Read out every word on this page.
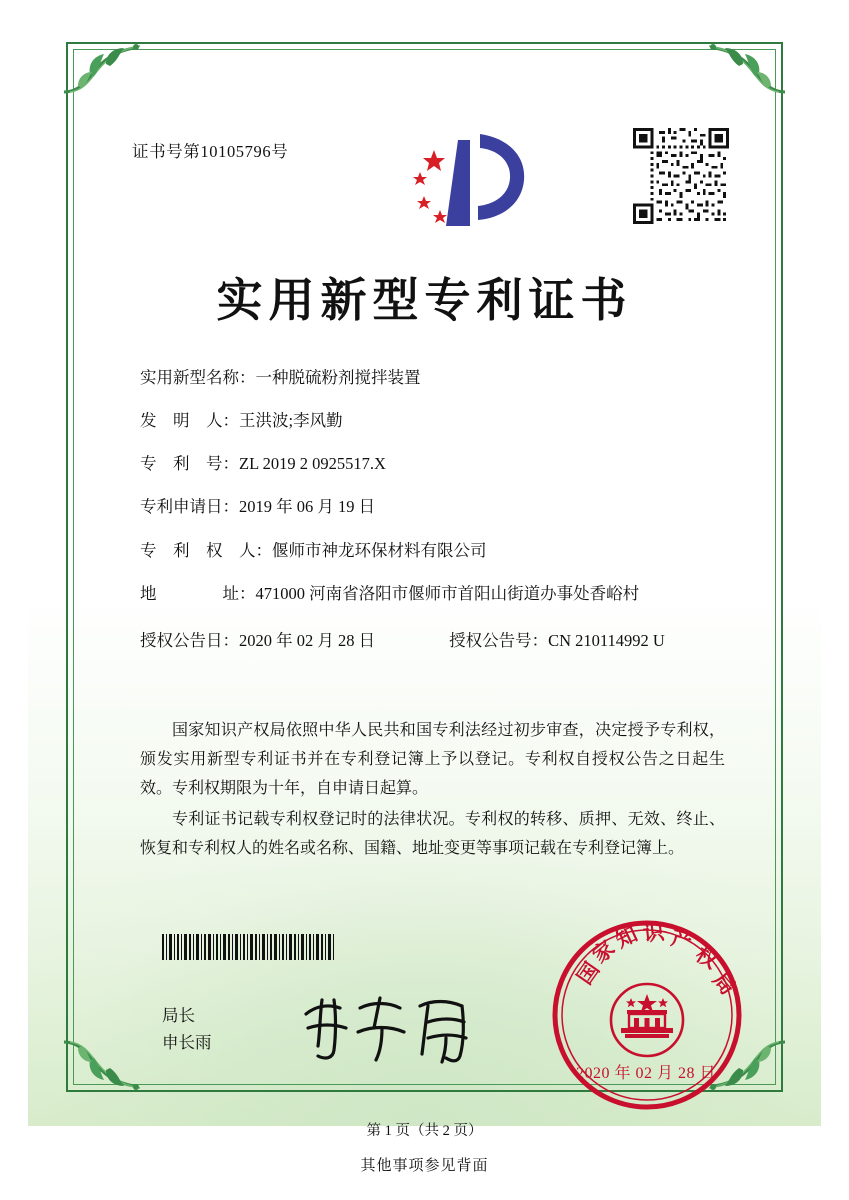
证书号第10105796号
实用新型专利证书
实用新型名称： 一种脱硫粉剂搅拌装置
发　明　人： 王洪波;李风勤
专　利　号： ZL 2019 2 0925517.X
专利申请日： 2019 年 06 月 19 日
专　利　权　人： 偃师市神龙环保材料有限公司
地　　　　址： 471000 河南省洛阳市偃师市首阳山街道办事处香峪村
授权公告日：2020 年 02 月 28 日	授权公告号：CN 210114992 U

国家知识产权局依照中华人民共和国专利法经过初步审查，决定授予专利权，颁发实用新型专利证书并在专利登记簿上予以登记。专利权自授权公告之日起生效。专利权期限为十年，自申请日起算。

专利证书记载专利权登记时的法律状况。专利权的转移、质押、无效、终止、恢复和专利权人的姓名或名称、国籍、地址变更等事项记载在专利登记簿上。

局长
申长雨
国
家
知 识 产
权
局
2020 年 02 月 28 日
第 1 页（共 2 页）
其他事项参见背面
